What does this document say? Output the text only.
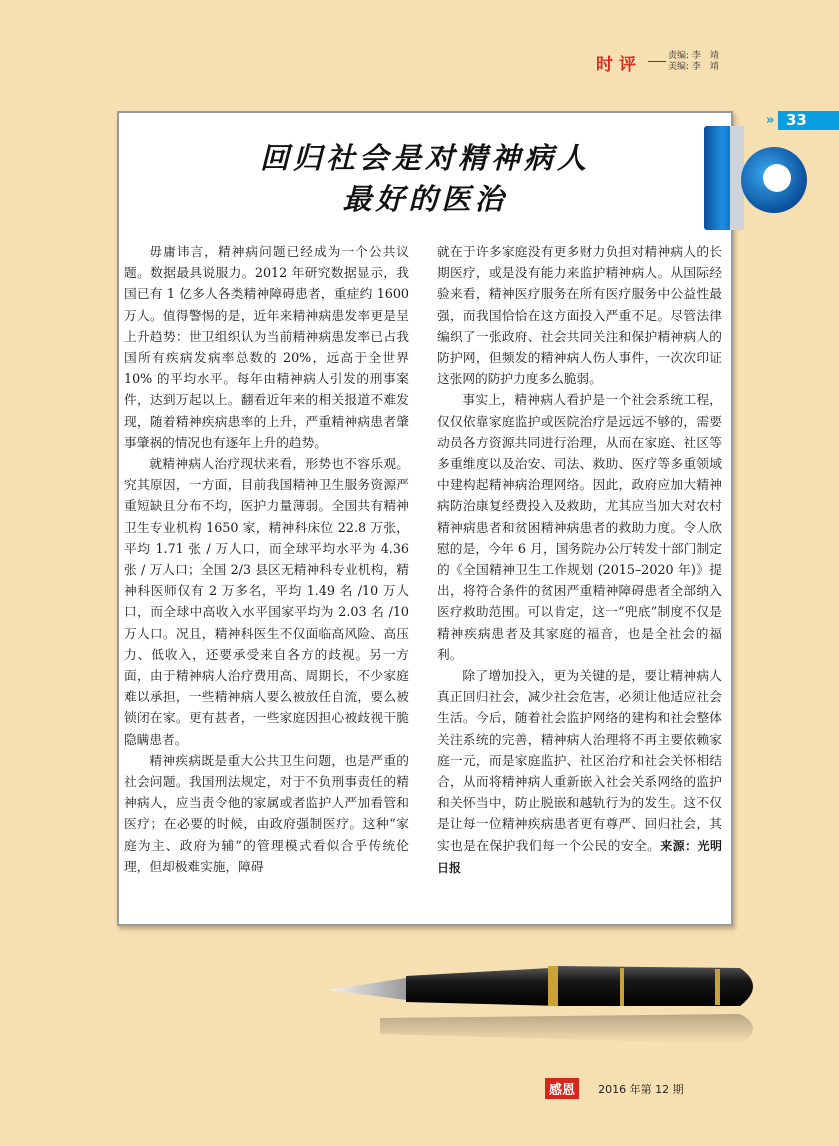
时评	责编: 李　靖
美编: 李　靖
» 33
回归社会是对精神病人
最好的医治

毋庸讳言，精神病问题已经成为一个公共议题。数据最具说服力。2012 年研究数据显示，我国已有 1 亿多人各类精神障碍患者，重症约 1600 万人。值得警惕的是，近年来精神病患发率更是呈上升趋势：世卫组织认为当前精神病患发率已占我国所有疾病发病率总数的 20%，远高于全世界 10% 的平均水平。每年由精神病人引发的刑事案件，达到万起以上。翻看近年来的相关报道不难发现，随着精神疾病患率的上升，严重精神病患者肇事肇祸的情况也有逐年上升的趋势。

就精神病人治疗现状来看，形势也不容乐观。究其原因，一方面，目前我国精神卫生服务资源严重短缺且分布不均，医护力量薄弱。全国共有精神卫生专业机构 1650 家，精神科床位 22.8 万张，平均 1.71 张 / 万人口，而全球平均水平为 4.36 张 / 万人口；全国 2/3 县区无精神科专业机构，精神科医师仅有 2 万多名，平均 1.49 名 /10 万人口，而全球中高收入水平国家平均为 2.03 名 /10 万人口。况且，精神科医生不仅面临高风险、高压力、低收入，还要承受来自各方的歧视。另一方面，由于精神病人治疗费用高、周期长，不少家庭难以承担，一些精神病人要么被放任自流，要么被锁闭在家。更有甚者，一些家庭因担心被歧视干脆隐瞒患者。

精神疾病既是重大公共卫生问题，也是严重的社会问题。我国刑法规定，对于不负刑事责任的精神病人，应当责令他的家属或者监护人严加看管和医疗；在必要的时候，由政府强制医疗。这种“家庭为主、政府为辅”的管理模式看似合乎传统伦理，但却极难实施，障碍

就在于许多家庭没有更多财力负担对精神病人的长期医疗，或是没有能力来监护精神病人。从国际经验来看，精神医疗服务在所有医疗服务中公益性最强，而我国恰恰在这方面投入严重不足。尽管法律编织了一张政府、社会共同关注和保护精神病人的防护网，但频发的精神病人伤人事件，一次次印证这张网的防护力度多么脆弱。

事实上，精神病人看护是一个社会系统工程，仅仅依靠家庭监护或医院治疗是远远不够的，需要动员各方资源共同进行治理，从而在家庭、社区等多重维度以及治安、司法、救助、医疗等多重领域中建构起精神病治理网络。因此，政府应加大精神病防治康复经费投入及救助，尤其应当加大对农村精神病患者和贫困精神病患者的救助力度。令人欣慰的是，今年 6 月，国务院办公厅转发十部门制定的《全国精神卫生工作规划 (2015–2020 年)》提出，将符合条件的贫困严重精神障碍患者全部纳入医疗救助范围。可以肯定，这一“兜底”制度不仅是精神疾病患者及其家庭的福音，也是全社会的福利。

除了增加投入，更为关键的是，要让精神病人真正回归社会，减少社会危害，必须让他适应社会生活。今后，随着社会监护网络的建构和社会整体关注系统的完善，精神病人治理将不再主要依赖家庭一元，而是家庭监护、社区治疗和社会关怀相结合，从而将精神病人重新嵌入社会关系网络的监护和关怀当中，防止脱嵌和越轨行为的发生。这不仅是让每一位精神疾病患者更有尊严、回归社会，其实也是在保护我们每一个公民的安全。来源：光明日报

感恩 2016 年第 12 期
